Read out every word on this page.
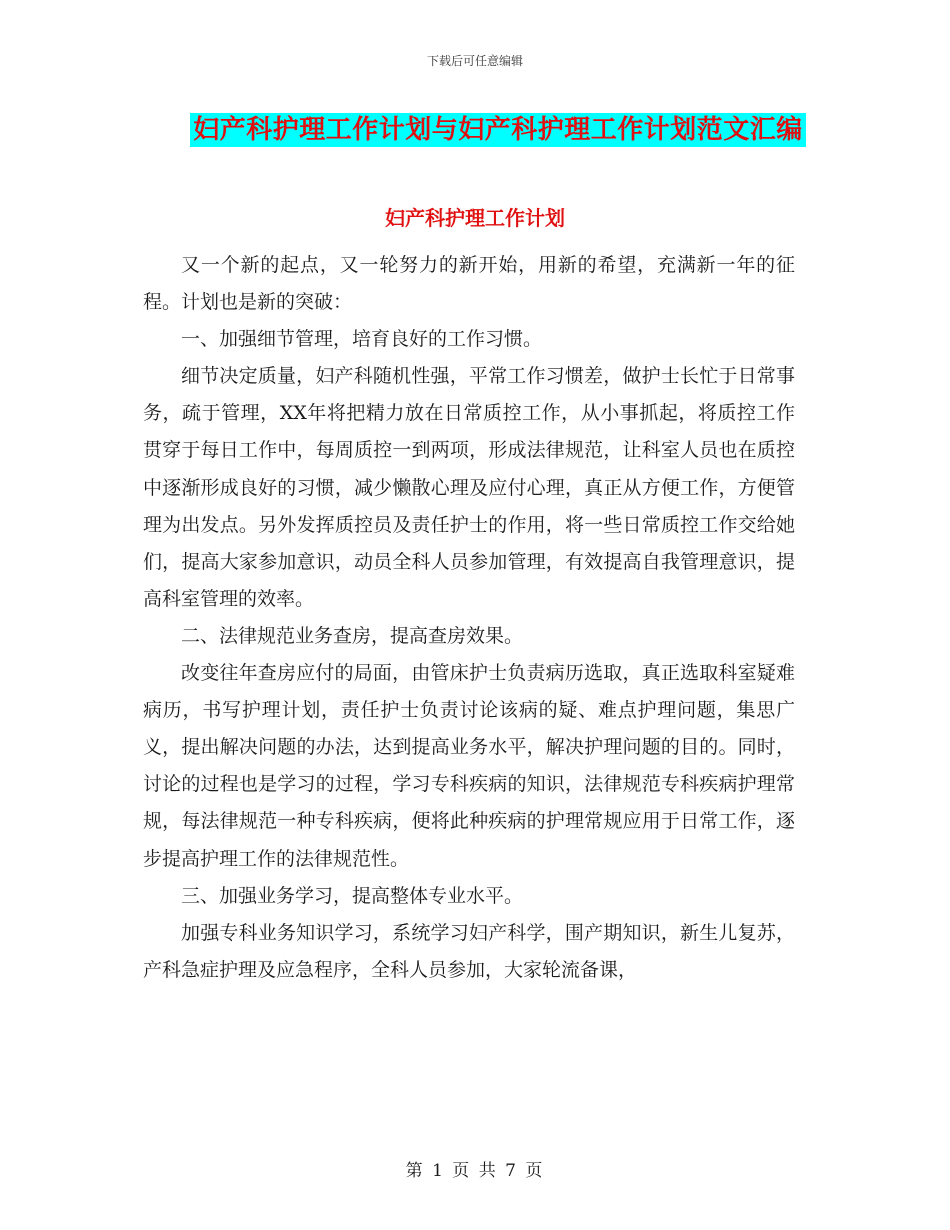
下载后可任意编辑
妇产科护理工作计划与妇产科护理工作计划范文汇编
妇产科护理工作计划

又一个新的起点，又一轮努力的新开始，用新的希望，充满新一年的征程。计划也是新的突破：

一、加强细节管理，培育良好的工作习惯。

细节决定质量，妇产科随机性强，平常工作习惯差，做护士长忙于日常事务，疏于管理，XX年将把精力放在日常质控工作，从小事抓起，将质控工作贯穿于每日工作中，每周质控一到两项，形成法律规范，让科室人员也在质控中逐渐形成良好的习惯，减少懒散心理及应付心理，真正从方便工作，方便管理为出发点。另外发挥质控员及责任护士的作用，将一些日常质控工作交给她们，提高大家参加意识，动员全科人员参加管理，有效提高自我管理意识，提高科室管理的效率。

二、法律规范业务查房，提高查房效果。

改变往年查房应付的局面，由管床护士负责病历选取，真正选取科室疑难病历，书写护理计划，责任护士负责讨论该病的疑、难点护理问题，集思广义，提出解决问题的办法，达到提高业务水平，解决护理问题的目的。同时，讨论的过程也是学习的过程，学习专科疾病的知识，法律规范专科疾病护理常规，每法律规范一种专科疾病，便将此种疾病的护理常规应用于日常工作，逐步提高护理工作的法律规范性。

三、加强业务学习，提高整体专业水平。

加强专科业务知识学习，系统学习妇产科学，围产期知识，新生儿复苏，产科急症护理及应急程序，全科人员参加，大家轮流备课，

第 1 页 共 7 页
